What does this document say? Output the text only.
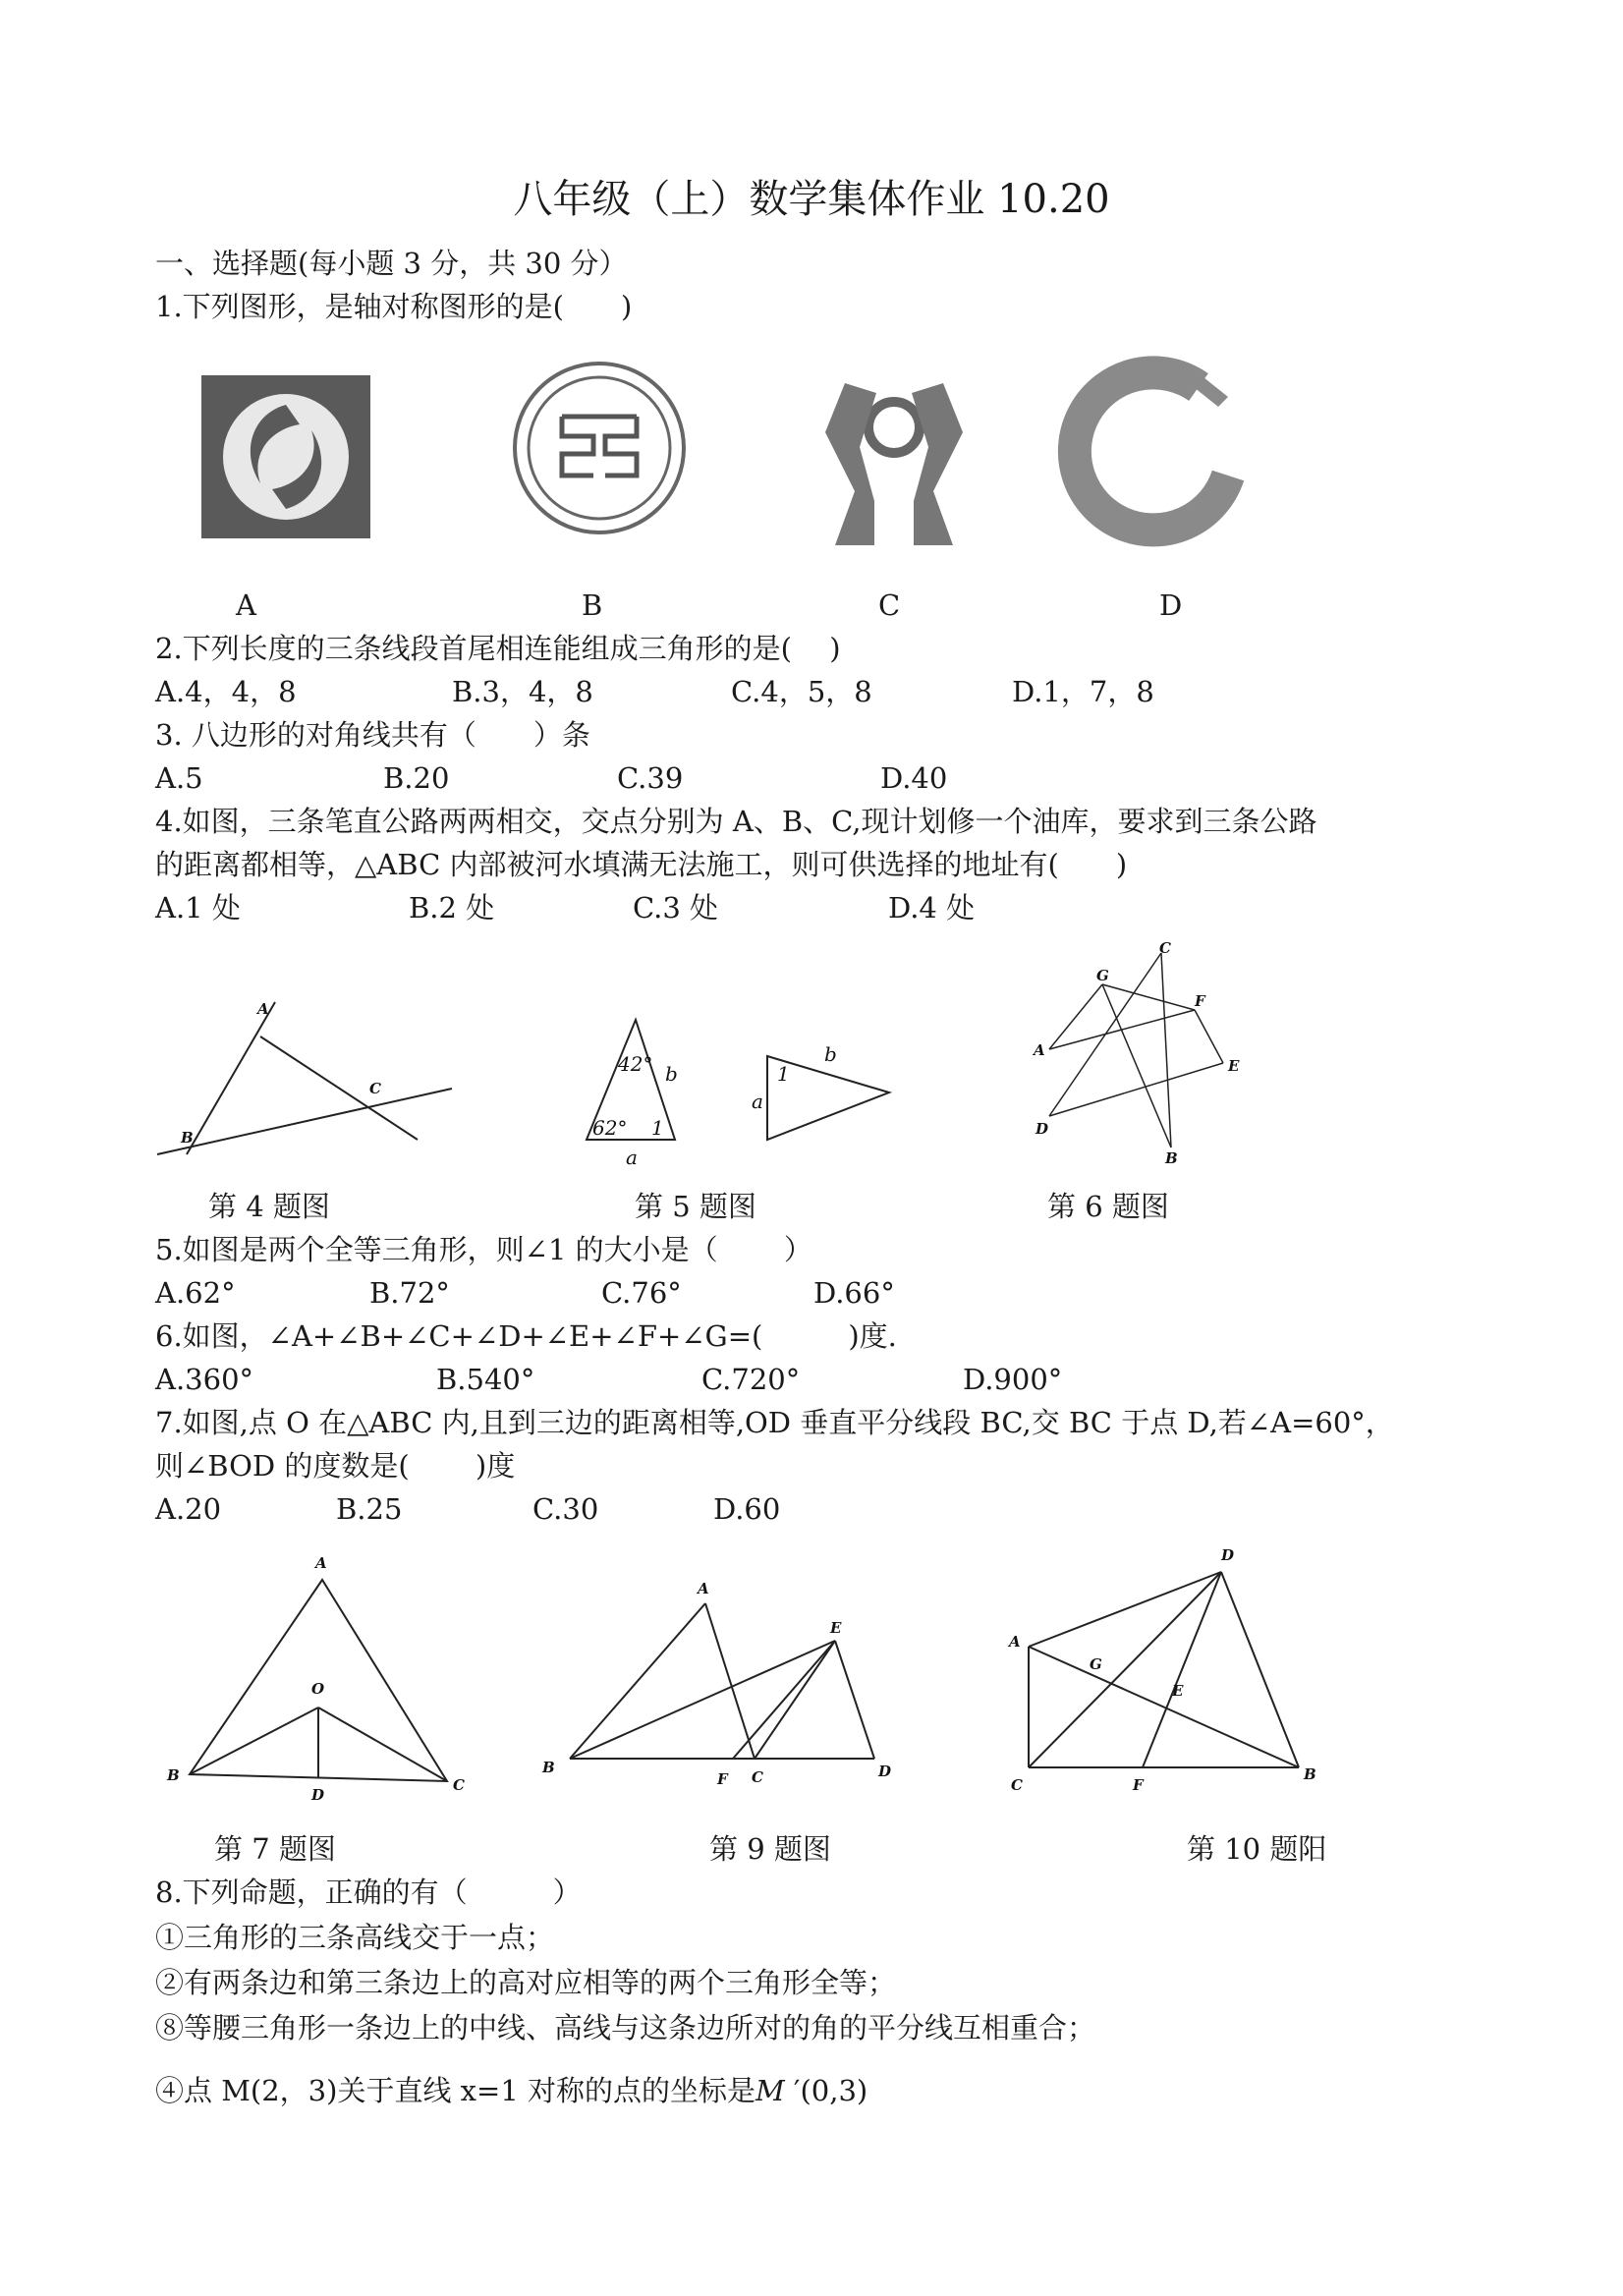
八年级（上）数学集体作业 10.20
一、选择题(每小题 3 分，共 30 分）
1.下列图形，是轴对称图形的是(　　)
A	B	C	D
2.下列长度的三条线段首尾相连能组成三角形的是(　 )
A.4，4，8	B.3，4，8	C.4，5，8	D.1，7，8
3. 八边形的对角线共有（　　）条
A.5	B.20	C.39	D.40
4.如图，三条笔直公路两两相交，交点分别为 A、B、C,现计划修一个油库，要求到三条公路
的距离都相等，△ABC 内部被河水填满无法施工，则可供选择的地址有(　　)
A.1 处	B.2 处	C.3 处	D.4 处
A
B
C
42°
62° 1
a
b
a
b
1
C
G
F
A
E
D
B
第 4 题图	第 5 题图	第 6 题图
5.如图是两个全等三角形，则∠1 的大小是（　　 ）
A.62°	B.72°	C.76°	D.66°
6.如图，∠A+∠B+∠C+∠D+∠E+∠F+∠G=(　　　)度.
A.360°	B.540°	C.720°	D.900°
7.如图,点 O 在△ABC 内,且到三边的距离相等,OD 垂直平分线段 BC,交 BC 于点 D,若∠A=60°，
则∠BOD 的度数是(　　 )度
A.20	B.25	C.30	D.60
A
O
B
D
C
A
E
B
F C	D
D
A
G
E
C	F
B
第 7 题图	第 9 题图	第 10 题阳
8.下列命题，正确的有（　　　）
①三角形的三条高线交于一点；
②有两条边和第三条边上的高对应相等的两个三角形全等；
⑧等腰三角形一条边上的中线、高线与这条边所对的角的平分线互相重合；
④点 M(2，3)关于直线 x=1 对称的点的坐标是M ′(0,3)
